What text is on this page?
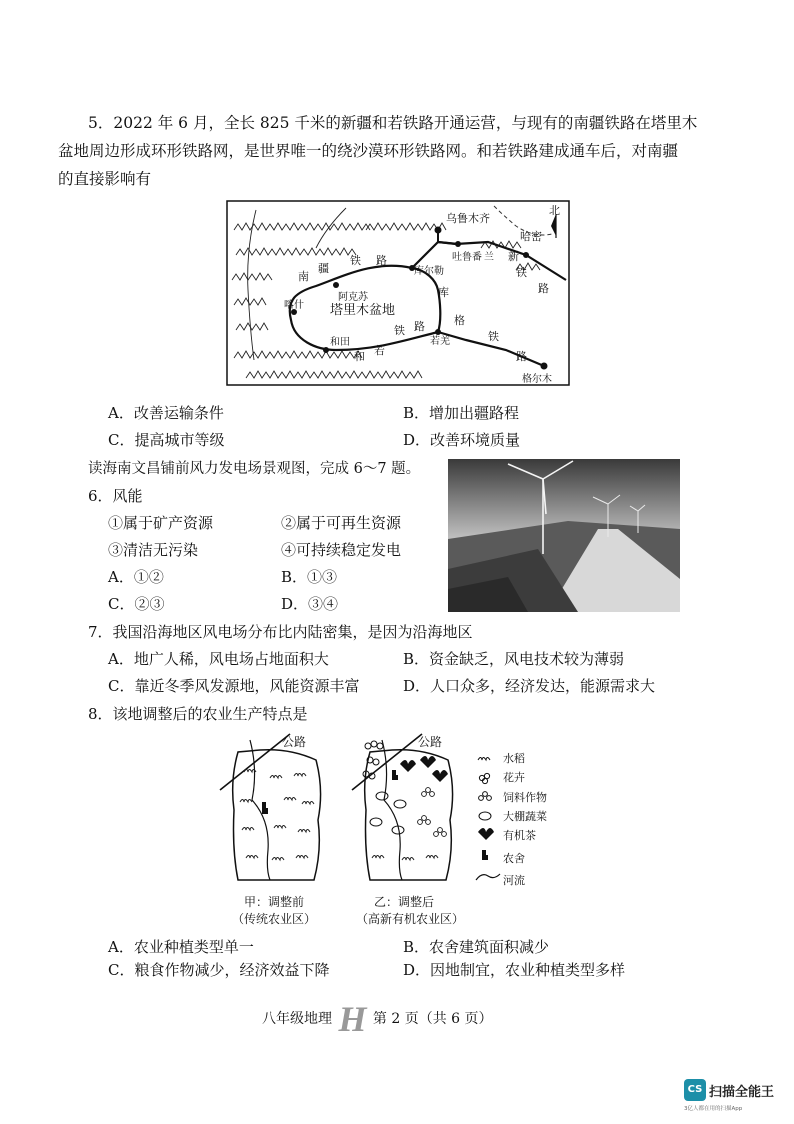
5．2022 年 6 月，全长 825 千米的新疆和若铁路开通运营，与现有的南疆铁路在塔里木
盆地周边形成环形铁路网，是世界唯一的绕沙漠环形铁路网。和若铁路建成通车后，对南疆
的直接影响有
北
乌鲁木齐
吐鲁番 兰
哈密
库尔勒
阿克苏
喀什
和田	若羌
格尔木
塔里木盆地
南
疆
铁 路
和 若
铁 路
库
格
铁
路
新
铁
路
A．改善运输条件	B．增加出疆路程
C．提高城市等级	D．改善环境质量
读海南文昌铺前风力发电场景观图，完成 6～7 题。
6．风能
①属于矿产资源	②属于可再生资源
③清洁无污染	④可持续稳定发电
A．①②	B．①③
C．②③	D．③④
7．我国沿海地区风电场分布比内陆密集，是因为沿海地区
A．地广人稀，风电场占地面积大	B．资金缺乏，风电技术较为薄弱
C．靠近冬季风发源地，风能资源丰富	D．人口众多，经济发达，能源需求大
8．该地调整后的农业生产特点是
公路
甲：调整前
（传统农业区）
公路
乙：调整后
（高新有机农业区）
水稻
花卉
饲料作物
大棚蔬菜
有机茶
农舍
河流
A．农业种植类型单一	B．农舍建筑面积减少
C．粮食作物减少，经济效益下降	D．因地制宜，农业种植类型多样
八年级地理 H 第 2 页（共 6 页）
CS 扫描全能王
3亿人都在用的扫描App
